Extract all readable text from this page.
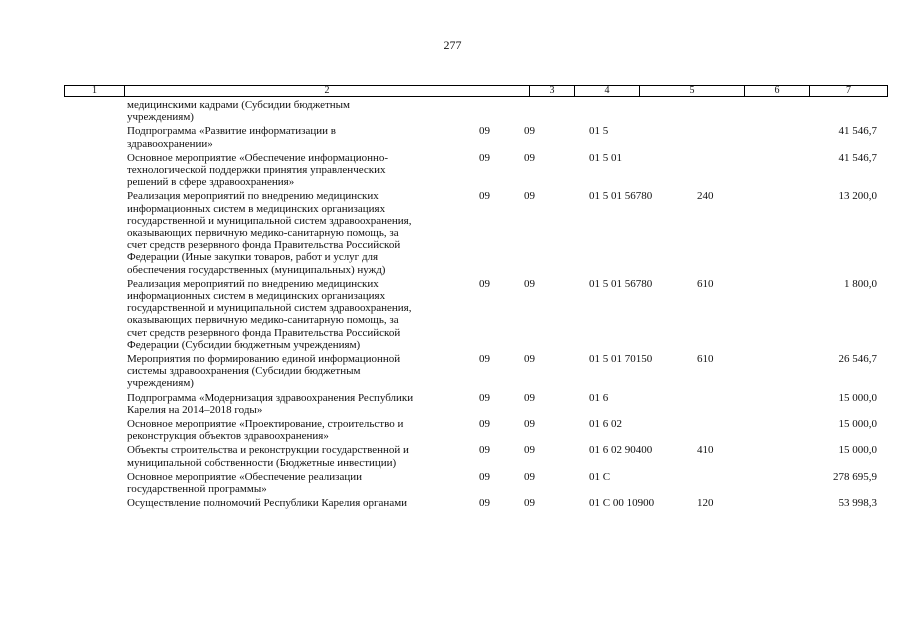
277
1	2	3	4	5	6	7
медицинскими кадрами (Субсидии бюджетным
учреждениям)
Подпрограмма «Развитие информатизации в
здравоохранении»
09	09	01 5	41 546,7
Основное мероприятие «Обеспечение информационно-
технологической поддержки принятия управленческих
решений в сфере здравоохранения»
09	09	01 5 01	41 546,7
Реализация мероприятий по внедрению медицинских
информационных систем в медицинских организациях
государственной и муниципальной систем здравоохранения,
оказывающих первичную медико-санитарную помощь, за
счет средств резервного фонда Правительства Российской
Федерации (Иные закупки товаров, работ и услуг для
обеспечения государственных (муниципальных) нужд)
09	09	01 5 01 56780	240	13 200,0
Реализация мероприятий по внедрению медицинских
информационных систем в медицинских организациях
государственной и муниципальной систем здравоохранения,
оказывающих первичную медико-санитарную помощь, за
счет средств резервного фонда Правительства Российской
Федерации (Субсидии бюджетным учреждениям)
09	09	01 5 01 56780	610	1 800,0
Мероприятия по формированию единой информационной
системы здравоохранения (Субсидии бюджетным
учреждениям)
09	09	01 5 01 70150	610	26 546,7
Подпрограмма «Модернизация здравоохранения Республики
Карелия на 2014–2018 годы»
09	09	01 6	15 000,0
Основное мероприятие «Проектирование, строительство и
реконструкция объектов здравоохранения»
09	09	01 6 02	15 000,0
Объекты строительства и реконструкции государственной и
муниципальной собственности (Бюджетные инвестиции)
09	09	01 6 02 90400	410	15 000,0
Основное мероприятие «Обеспечение реализации
государственной программы»
09	09	01 С	278 695,9
Осуществление полномочий Республики Карелия органами	09	09	01 С 00 10900	120	53 998,3
